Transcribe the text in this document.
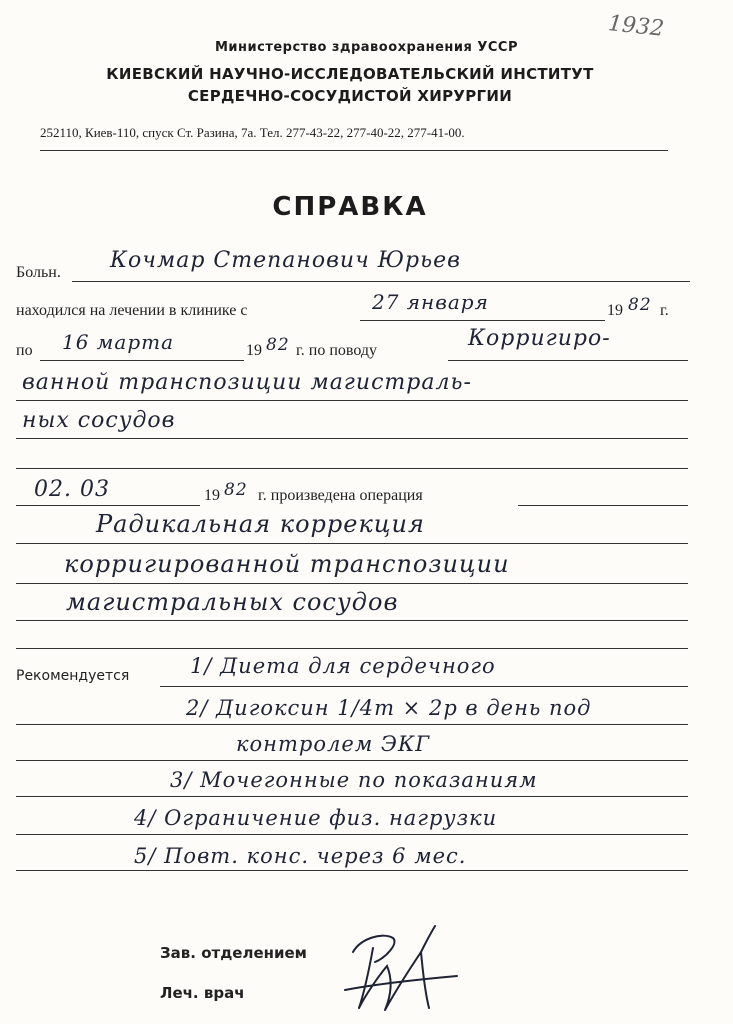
1932
Министерство здравоохранения УССР
КИЕВСКИЙ НАУЧНО-ИССЛЕДОВАТЕЛЬСКИЙ ИНСТИТУТ
СЕРДЕЧНО-СОСУДИСТОЙ ХИРУРГИИ
252110, Киев-110, спуск Ст. Разина, 7а. Тел. 277-43-22, 277-40-22, 277-41-00.
СПРАВКА
Больн. Кочмар Степанович Юрьев
находился на лечении в клинике с	27 января	19 82 г.
по 16 марта	19 82 г. по поводу	Корригиро-
ванной транспозиции магистраль-
ных сосудов
02. 03	19 82 г. произведена операция
Радикальная коррекция
корригированной транспозиции
магистральных сосудов
Рекомендуется	1/ Диета для сердечного
2/ Дигоксин 1/4т × 2р в день под
контролем ЭКГ
3/ Мочегонные по показаниям
4/ Ограничение физ. нагрузки
5/ Повт. конс. через 6 мес.
Зав. отделением
Леч. врач
